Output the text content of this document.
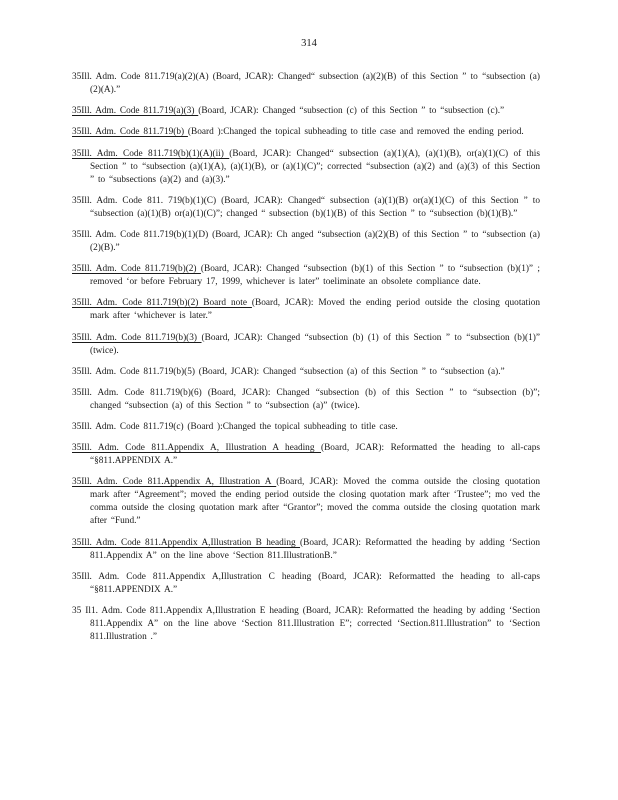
314

35Ill. Adm. Code 811.719(a)(2)(A) (Board, JCAR): Changed“ subsection (a)(2)(B) of this Section ” to “subsection (a)(2)(A).”

35Ill. Adm. Code 811.719(a)(3) (Board, JCAR): Changed “subsection (c) of this Section ” to “subsection (c).”

35Ill. Adm. Code 811.719(b) (Board ):Changed the topical subheading to title case and removed the ending period.

35Ill. Adm. Code 811.719(b)(1)(A)(ii) (Board, JCAR): Changed“ subsection (a)(1)(A), (a)(1)(B), or(a)(1)(C) of this Section ” to “subsection (a)(1)(A), (a)(1)(B), or (a)(1)(C)”; corrected “subsection (a)(2) and (a)(3) of this Section ” to “subsections (a)(2) and (a)(3).”

35Ill. Adm. Code 811. 719(b)(1)(C) (Board, JCAR): Changed“ subsection (a)(1)(B) or(a)(1)(C) of this Section ” to “subsection (a)(1)(B) or(a)(1)(C)”; changed “ subsection (b)(1)(B) of this Section ” to “subsection (b)(1)(B).”

35Ill. Adm. Code 811.719(b)(1)(D) (Board, JCAR): Ch anged “subsection (a)(2)(B) of this Section ” to “subsection (a)(2)(B).”

35Ill. Adm. Code 811.719(b)(2) (Board, JCAR): Changed “subsection (b)(1) of this Section ” to “subsection (b)(1)” ; removed ‘or before February 17, 1999, whichever is later” toeliminate an obsolete compliance date.

35Ill. Adm. Code 811.719(b)(2) Board note (Board, JCAR): Moved the ending period outside the closing quotation mark after ‘whichever is later.”

35Ill. Adm. Code 811.719(b)(3) (Board, JCAR): Changed “subsection (b) (1) of this Section ” to “subsection (b)(1)” (twice).

35Ill. Adm. Code 811.719(b)(5) (Board, JCAR): Changed “subsection (a) of this Section ” to “subsection (a).”

35Ill. Adm. Code 811.719(b)(6) (Board, JCAR): Changed “subsection (b) of this Section ” to “subsection (b)”; changed “subsection (a) of this Section ” to “subsection (a)” (twice).

35Ill. Adm. Code 811.719(c) (Board ):Changed the topical subheading to title case.

35Ill. Adm. Code 811.Appendix A, Illustration A heading (Board, JCAR): Reformatted the heading to all-caps “§811.APPENDIX A.”

35Ill. Adm. Code 811.Appendix A, Illustration A (Board, JCAR): Moved the comma outside the closing quotation mark after “Agreement”; moved the ending period outside the closing quotation mark after ‘Trustee”; mo ved the comma outside the closing quotation mark after “Grantor”; moved the comma outside the closing quotation mark after “Fund.”

35Ill. Adm. Code 811.Appendix A,Illustration B heading (Board, JCAR): Reformatted the heading by adding ‘Section 811.Appendix A” on the line above ‘Section 811.IllustrationB.”

35Ill. Adm. Code 811.Appendix A,Illustration C heading (Board, JCAR): Reformatted the heading to all-caps “§811.APPENDIX A.”

35 Il1. Adm. Code 811.Appendix A,Illustration E heading (Board, JCAR): Reformatted the heading by adding ‘Section 811.Appendix A” on the line above ‘Section 811.Illustration E”; corrected ‘Section.811.Illustration” to ‘Section 811.Illustration .”
